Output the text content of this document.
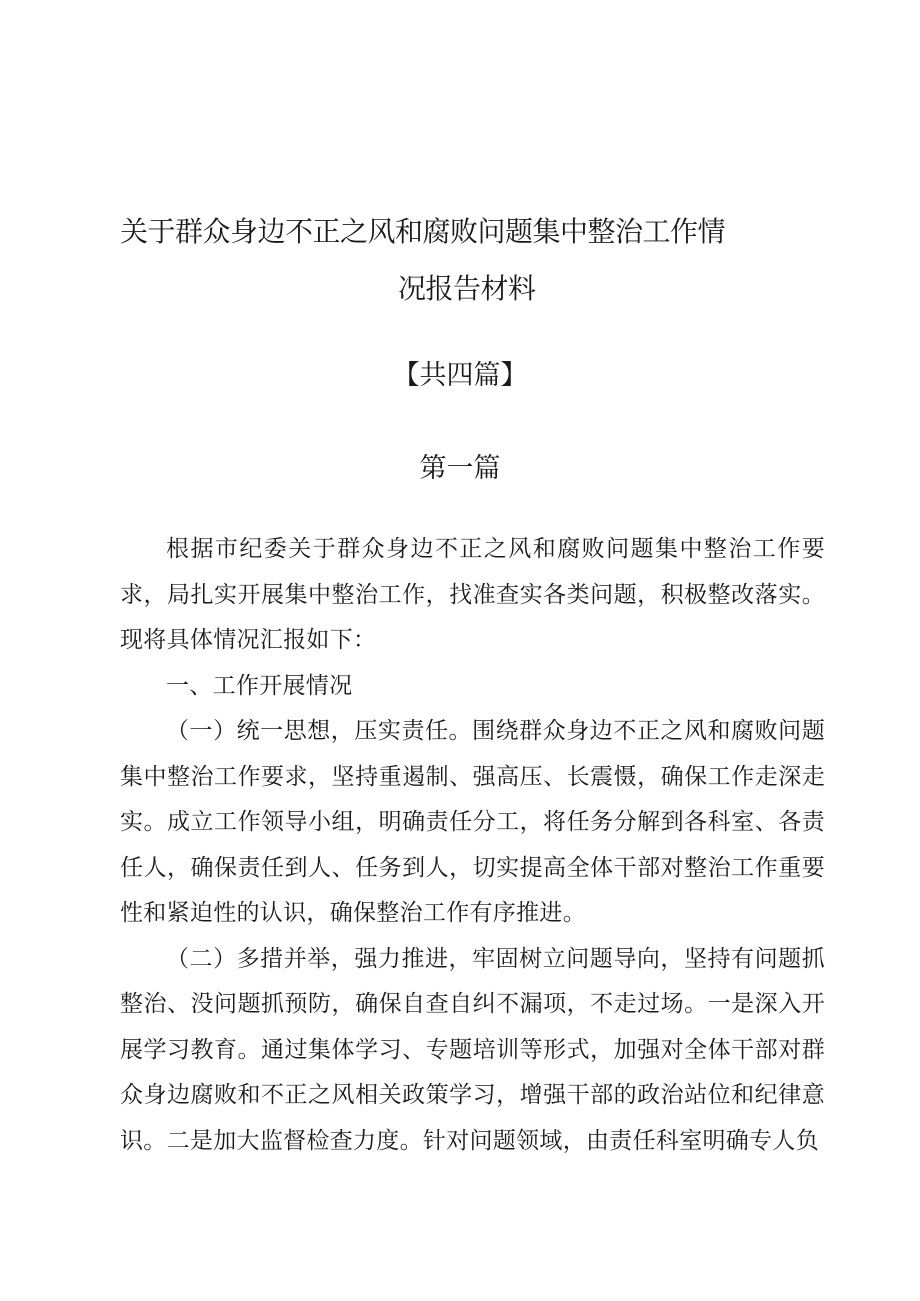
关于群众身边不正之风和腐败问题集中整治工作情
况报告材料
【共四篇】
第一篇

根据市纪委关于群众身边不正之风和腐败问题集中整治工作要求，局扎实开展集中整治工作，找准查实各类问题，积极整改落实。现将具体情况汇报如下：

一、工作开展情况

（一）统一思想，压实责任。围绕群众身边不正之风和腐败问题集中整治工作要求，坚持重遏制、强高压、长震慑，确保工作走深走实。成立工作领导小组，明确责任分工，将任务分解到各科室、各责任人，确保责任到人、任务到人，切实提高全体干部对整治工作重要性和紧迫性的认识，确保整治工作有序推进。

（二）多措并举，强力推进，牢固树立问题导向，坚持有问题抓整治、没问题抓预防，确保自查自纠不漏项，不走过场。一是深入开展学习教育。通过集体学习、专题培训等形式，加强对全体干部对群众身边腐败和不正之风相关政策学习，增强干部的政治站位和纪律意识。二是加大监督检查力度。针对问题领域，由责任科室明确专人负
